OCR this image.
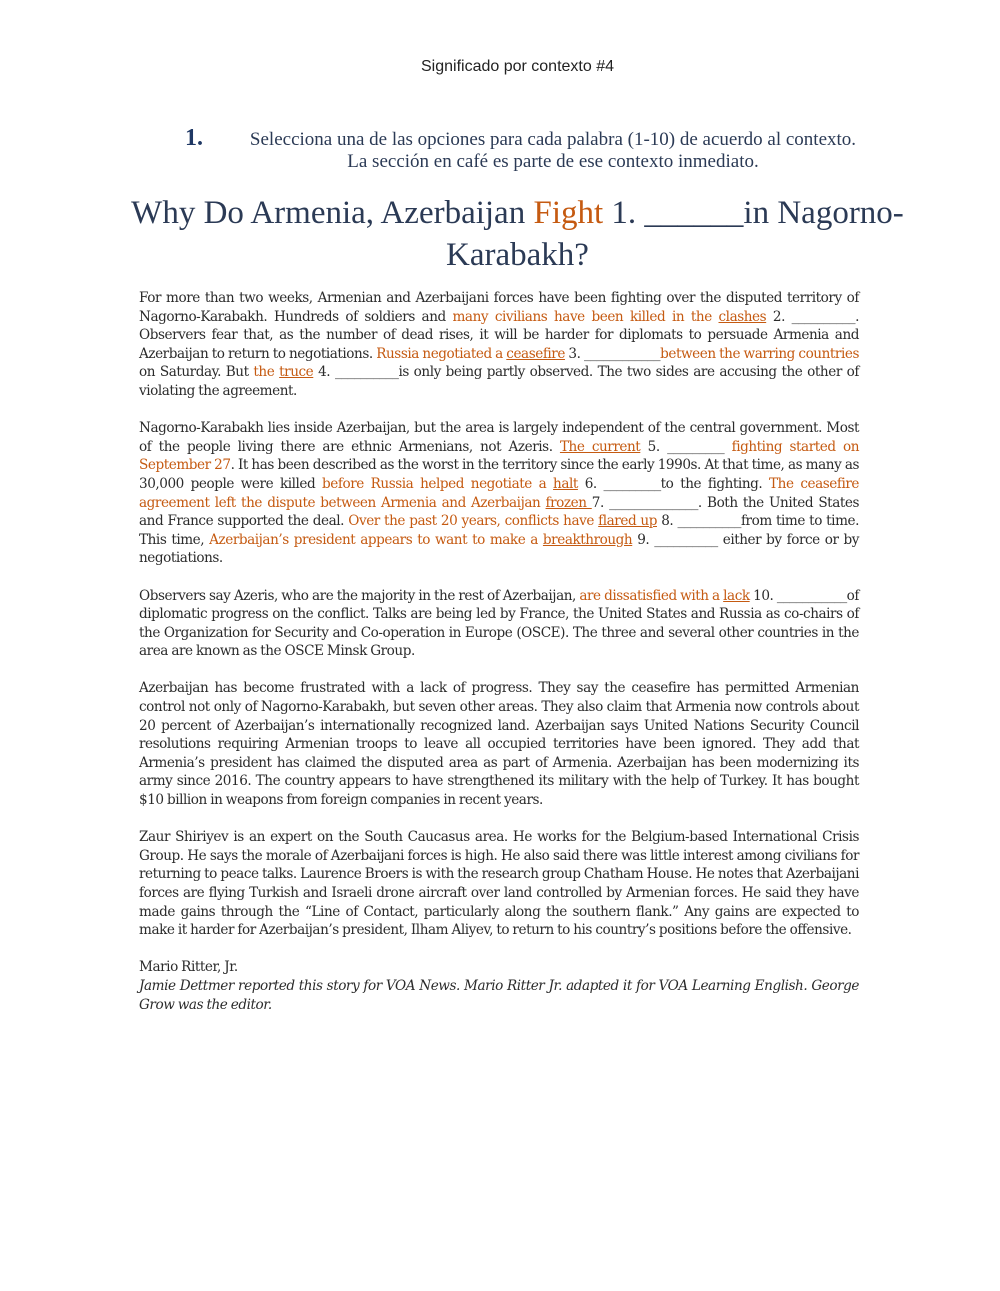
Significado por contexto #4
1.	Selecciona una de las opciones para cada palabra (1-10) de acuerdo al contexto. La sección en café es parte de ese contexto inmediato.
Why Do Armenia, Azerbaijan Fight 1. ______in Nagorno-Karabakh?

For more than two weeks, Armenian and Azerbaijani forces have been fighting over the disputed territory of Nagorno-Karabakh. Hundreds of soldiers and many civilians have been killed in the clashes 2. __________. Observers fear that, as the number of dead rises, it will be harder for diplomats to persuade Armenia and Azerbaijan to return to negotiations. Russia negotiated a ceasefire 3. ____________between the warring countries on Saturday. But the truce 4. __________is only being partly observed. The two sides are accusing the other of violating the agreement.

Nagorno-Karabakh lies inside Azerbaijan, but the area is largely independent of the central government. Most of the people living there are ethnic Armenians, not Azeris. The current 5. _________ fighting started on September 27. It has been described as the worst in the territory since the early 1990s. At that time, as many as 30,000 people were killed before Russia helped negotiate a halt 6. _________to the fighting. The ceasefire agreement left the dispute between Armenia and Azerbaijan frozen 7. ______________. Both the United States and France supported the deal. Over the past 20 years, conflicts have flared up 8. __________from time to time. This time, Azerbaijan’s president appears to want to make a breakthrough 9. __________ either by force or by negotiations.

Observers say Azeris, who are the majority in the rest of Azerbaijan, are dissatisfied with a lack 10. ___________of diplomatic progress on the conflict. Talks are being led by France, the United States and Russia as co-chairs of the Organization for Security and Co-operation in Europe (OSCE). The three and several other countries in the area are known as the OSCE Minsk Group.

Azerbaijan has become frustrated with a lack of progress. They say the ceasefire has permitted Armenian control not only of Nagorno-Karabakh, but seven other areas. They also claim that Armenia now controls about 20 percent of Azerbaijan’s internationally recognized land. Azerbaijan says United Nations Security Council resolutions requiring Armenian troops to leave all occupied territories have been ignored. They add that Armenia’s president has claimed the disputed area as part of Armenia. Azerbaijan has been modernizing its army since 2016. The country appears to have strengthened its military with the help of Turkey. It has bought $10 billion in weapons from foreign companies in recent years.

Zaur Shiriyev is an expert on the South Caucasus area. He works for the Belgium-based International Crisis Group. He says the morale of Azerbaijani forces is high. He also said there was little interest among civilians for returning to peace talks. Laurence Broers is with the research group Chatham House. He notes that Azerbaijani forces are flying Turkish and Israeli drone aircraft over land controlled by Armenian forces. He said they have made gains through the “Line of Contact, particularly along the southern flank.” Any gains are expected to make it harder for Azerbaijan’s president, Ilham Aliyev, to return to his country’s positions before the offensive.

Mario Ritter, Jr.

Jamie Dettmer reported this story for VOA News. Mario Ritter Jr. adapted it for VOA Learning English. George Grow was the editor.
